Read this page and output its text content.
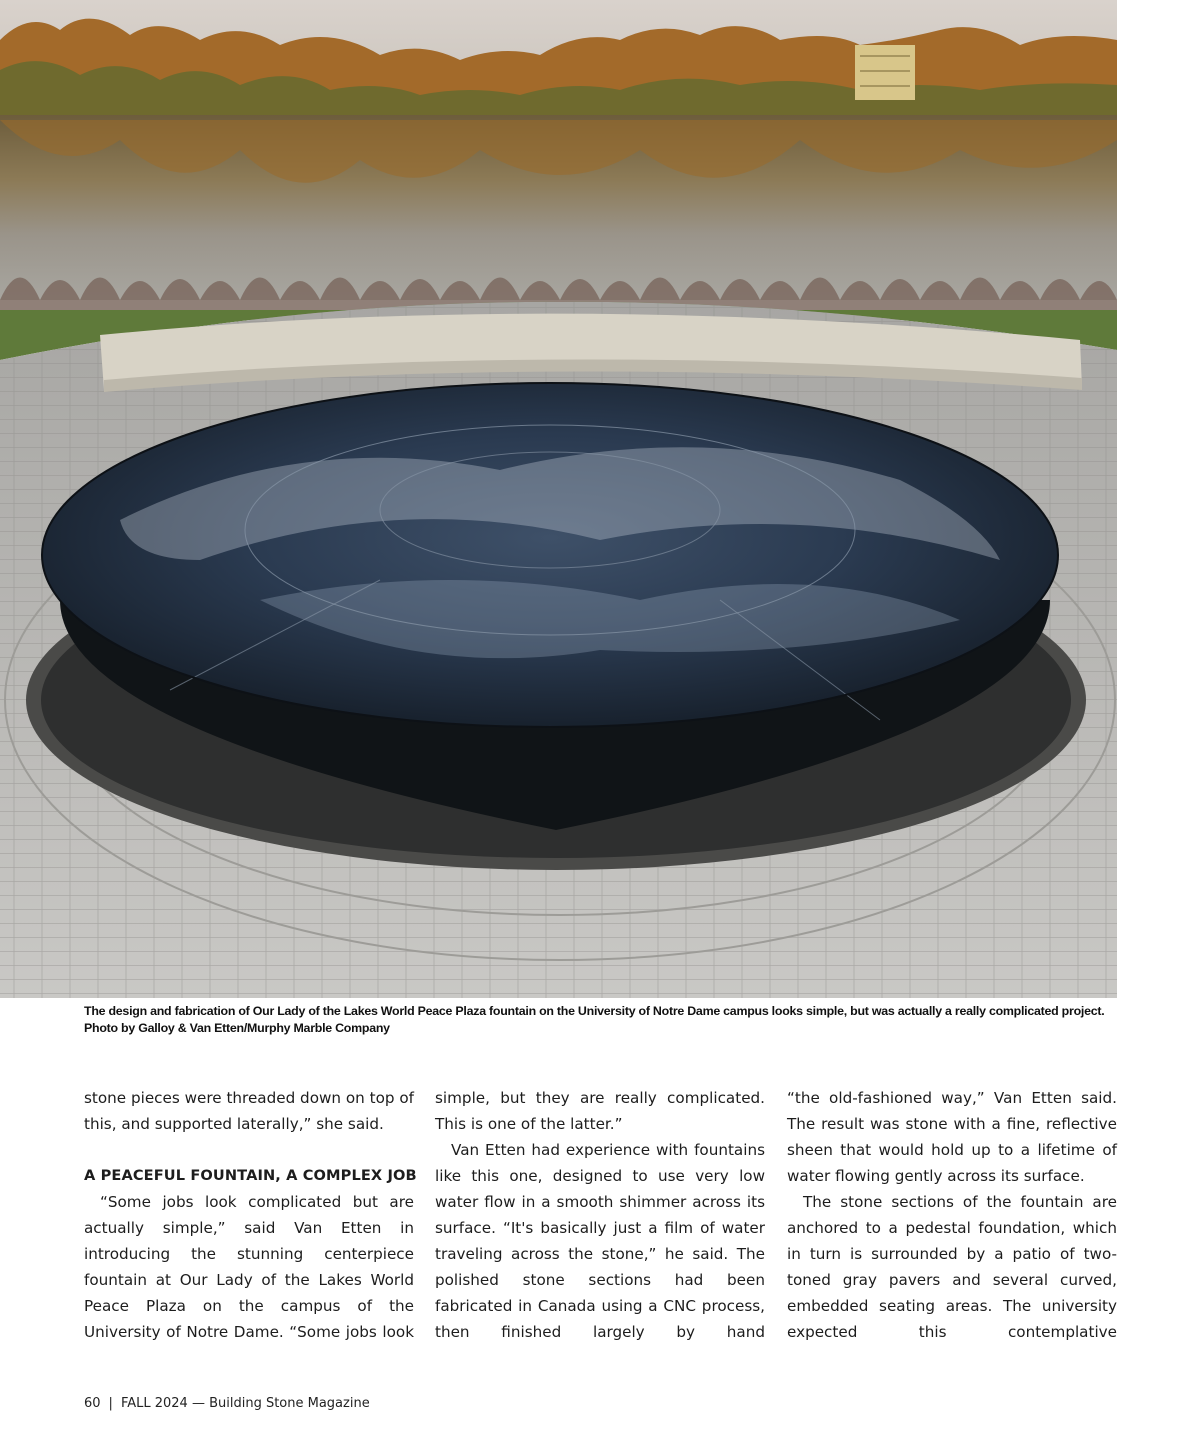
The design and fabrication of Our Lady of the Lakes World Peace Plaza fountain on the University of Notre Dame campus looks simple, but was actually a really complicated project.
Photo by Galloy & Van Etten/Murphy Marble Company

stone pieces were threaded down on top of this, and supported laterally,” she said.

A PEACEFUL FOUNTAIN, A COMPLEX JOB

“Some jobs look complicated but are actually simple,” said Van Etten in introducing the stunning centerpiece fountain at Our Lady of the Lakes World Peace Plaza on the campus of the University of Notre Dame. “Some jobs look

simple, but they are really complicated. This is one of the latter.”

Van Etten had experience with fountains like this one, designed to use very low water flow in a smooth shimmer across its surface. “It's basically just a film of water traveling across the stone,” he said. The polished stone sections had been fabricated in Canada using a CNC process, then finished largely by hand

“the old-fashioned way,” Van Etten said. The result was stone with a fine, reflective sheen that would hold up to a lifetime of water flowing gently across its surface.

The stone sections of the fountain are anchored to a pedestal foundation, which in turn is surrounded by a patio of two-toned gray pavers and several curved, embedded seating areas. The university expected this contemplative

60 | FALL 2024 — Building Stone Magazine
